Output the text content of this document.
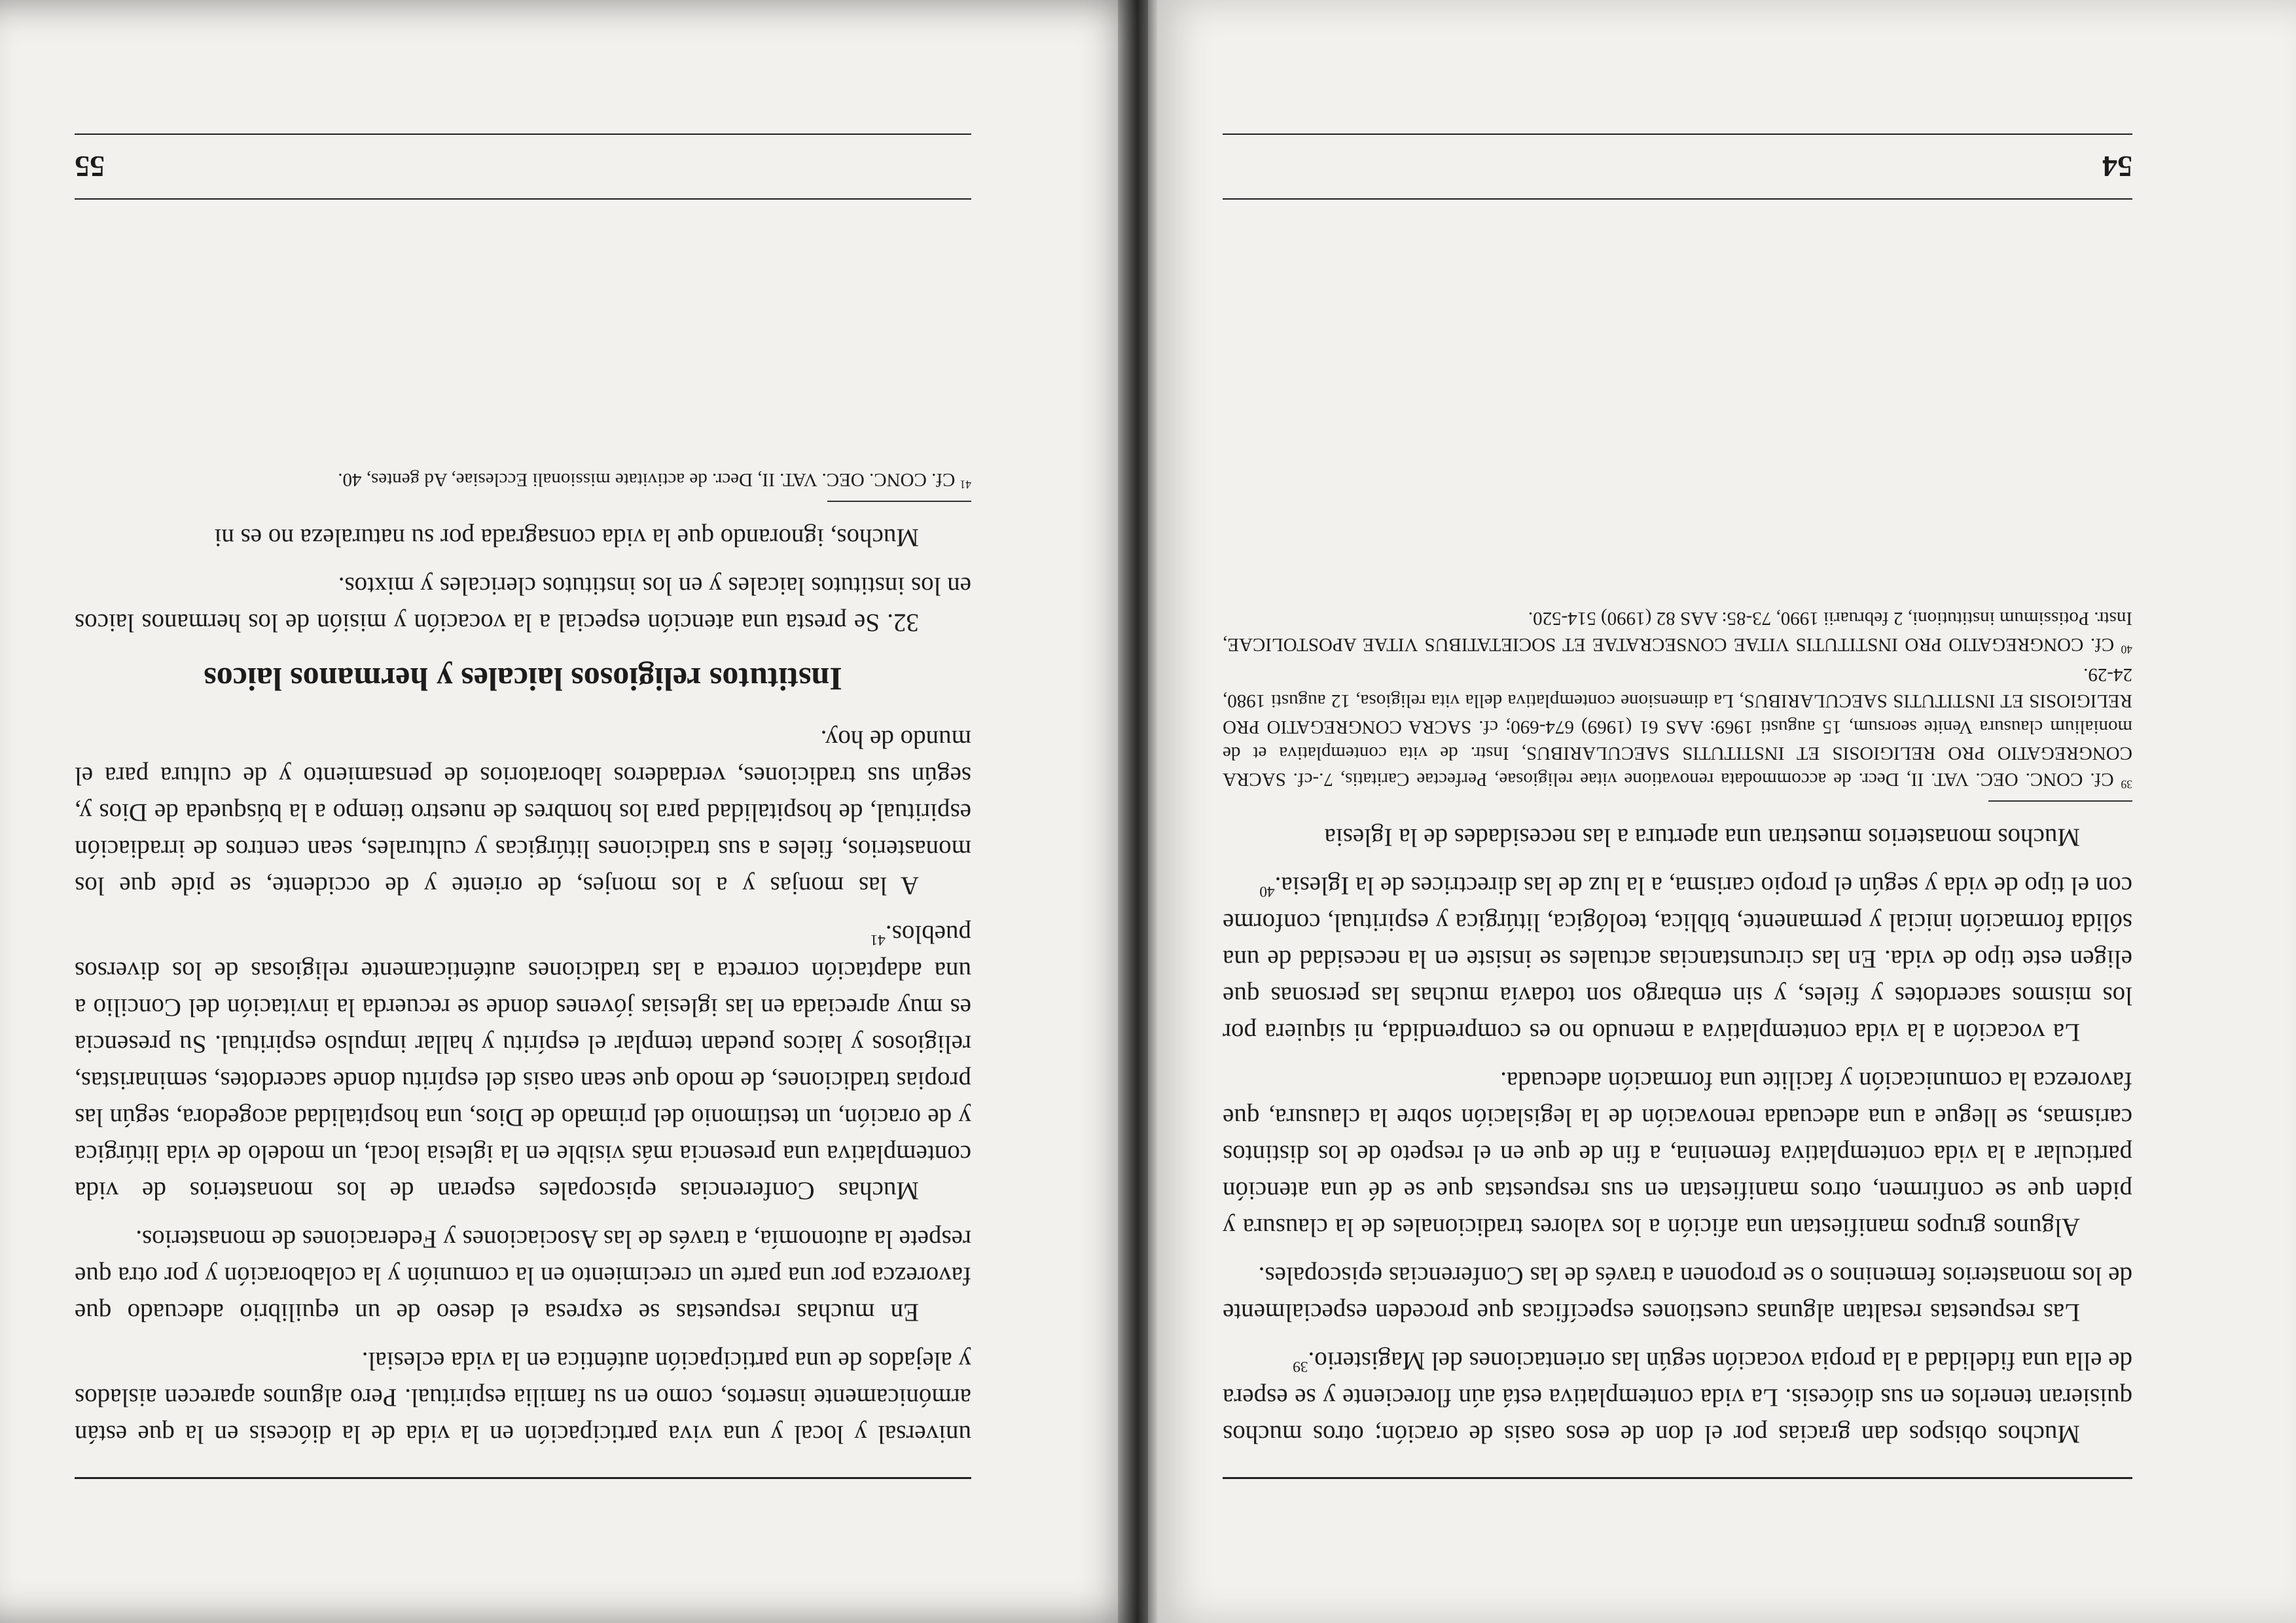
Muchos obispos dan gracias por el don de esos oasis de oración; otros muchos quisieran tenerlos en sus diócesis. La vida contemplativa está aún floreciente y se espera de ella una fidelidad a la propia vocación según las orientaciones del Magisterio.$^{39}$

Las respuestas resaltan algunas cuestiones específicas que proceden especialmente de los monasterios femeninos o se proponen a través de las Conferencias episcopales.

Algunos grupos manifiestan una afición a los valores tradicionales de la clausura y piden que se confirmen, otros manifiestan en sus respuestas que se dé una atención particular a la vida contemplativa femenina, a fin de que en el respeto de los distintos carismas, se llegue a una adecuada renovación de la legislación sobre la clausura, que favorezca la comunicación y facilite una formación adecuada.

La vocación a la vida contemplativa a menudo no es comprendida, ni siquiera por los mismos sacerdotes y fieles, y sin embargo son todavía muchas las personas que eligen este tipo de vida. En las circunstancias actuales se insiste en la necesidad de una sólida formación inicial y permanente, bíblica, teológica, litúrgica y espiritual, conforme con el tipo de vida y según el propio carisma, a la luz de las directrices de la Iglesia.$^{40}$

Muchos monasterios muestran una apertura a las necesidades de la Iglesia

$^{39}$ Cf. CONC. OEC. VAT. II, Decr. de accommodata renovatione vitae religiosae, Perfectae Caritatis, 7.-cf. SACRA CONGREGATIO PRO RELIGIOSIS ET INSTITUTIS SAECULARIBUS, Instr. de vita contemplativa et de monialium clausura Venite seorsum, 15 augusti 1969: AAS 61 (1969) 674-690; cf. SACRA CONGREGATIO PRO RELIGIOSIS ET INSTITUTIS SAECULARIBUS, La dimensione contemplativa della vita religiosa, 12 augusti 1980, 24-29.

$^{40}$ Cf. CONGREGATIO PRO INSTITUTIS VITAE CONSECRATAE ET SOCIETATIBUS VITAE APOSTOLICAE, Instr. Potissimum institutioni, 2 februarii 1990, 73-85: AAS 82 (1990) 514-520.

54

universal y local y una viva participación en la vida de la diócesis en la que están armónicamente insertos, como en su familia espiritual. Pero algunos aparecen aislados y alejados de una participación auténtica en la vida eclesial.

En muchas respuestas se expresa el deseo de un equilibrio adecuado que favorezca por una parte un crecimiento en la comunión y la colaboración y por otra que respete la autonomía, a través de las Asociaciones y Federaciones de monasterios.

Muchas Conferencias episcopales esperan de los monasterios de vida contemplativa una presencia más visible en la iglesia local, un modelo de vida litúrgica y de oración, un testimonio del primado de Dios, una hospitalidad acogedora, según las propias tradiciones, de modo que sean oasis del espíritu donde sacerdotes, seminaristas, religiosos y laicos puedan templar el espíritu y hallar impulso espiritual. Su presencia es muy apreciada en las iglesias jóvenes donde se recuerda la invitación del Concilio a una adaptación correcta a las tradiciones auténticamente religiosas de los diversos pueblos.$^{41}$

A las monjas y a los monjes, de oriente y de occidente, se pide que los monasterios, fieles a sus tradiciones litúrgicas y culturales, sean centros de irradiación espiritual, de hospitalidad para los hombres de nuestro tiempo a la búsqueda de Dios y, según sus tradiciones, verdaderos laboratorios de pensamiento y de cultura para el mundo de hoy.

Institutos religiosos laicales y hermanos laicos

32. Se presta una atención especial a la vocación y misión de los hermanos laicos en los institutos laicales y en los institutos clericales y mixtos.

Muchos, ignorando que la vida consagrada por su naturaleza no es ni

$^{41}$ Cf. CONC. OEC. VAT. II, Decr. de activitate missionali Ecclesiae, Ad gentes, 40.

55
